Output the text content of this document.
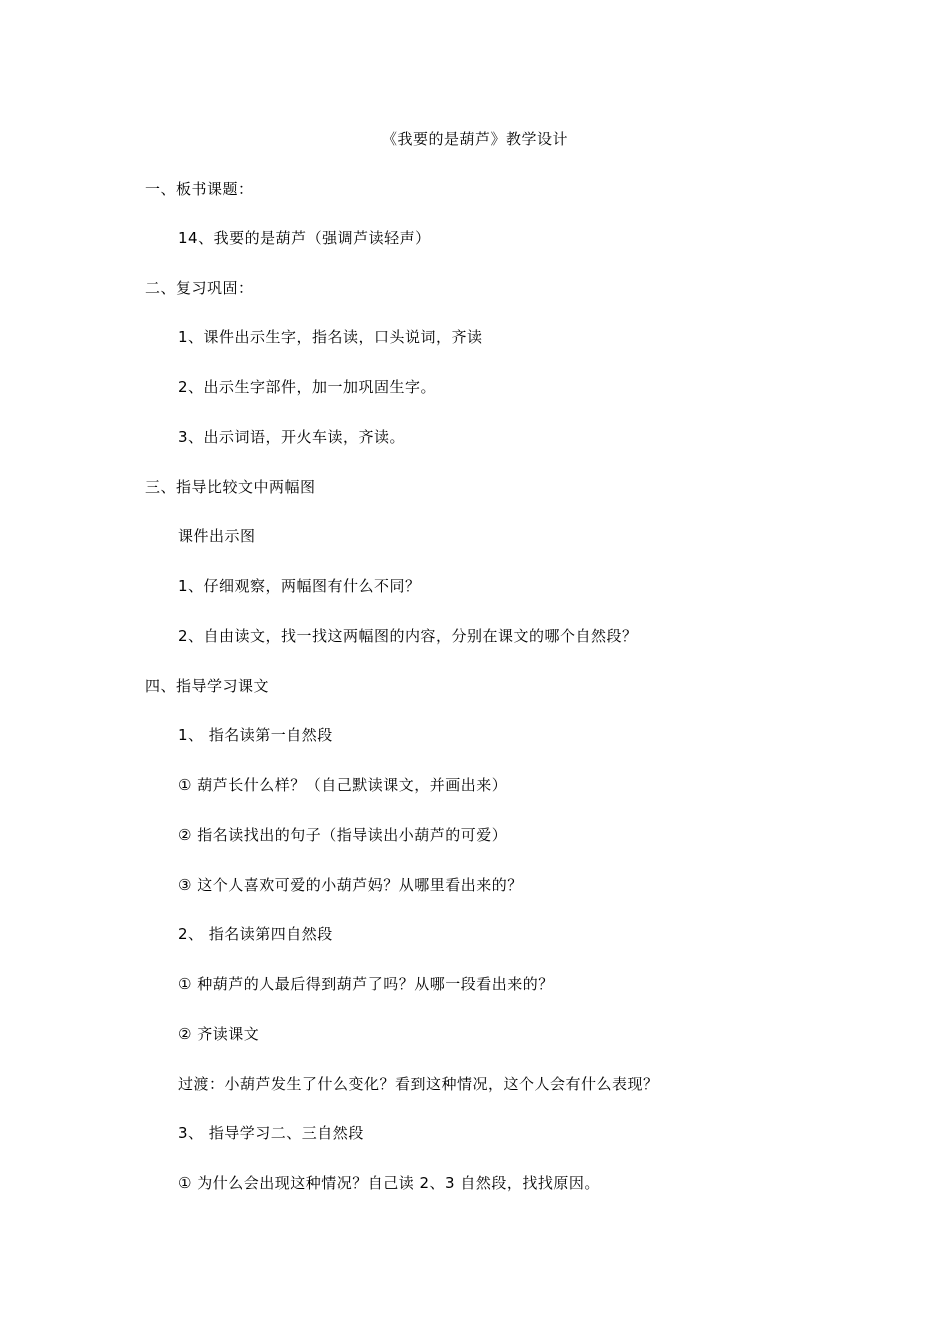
《我要的是葫芦》教学设计
一、板书课题：
14、我要的是葫芦（强调芦读轻声）
二、复习巩固：
1、课件出示生字，指名读，口头说词，齐读
2、出示生字部件，加一加巩固生字。
3、出示词语，开火车读，齐读。
三、指导比较文中两幅图
课件出示图
1、仔细观察，两幅图有什么不同？
2、自由读文，找一找这两幅图的内容，分别在课文的哪个自然段？
四、指导学习课文
1、 指名读第一自然段
① 葫芦长什么样？（自己默读课文，并画出来）
② 指名读找出的句子（指导读出小葫芦的可爱）
③ 这个人喜欢可爱的小葫芦妈？从哪里看出来的？
2、 指名读第四自然段
① 种葫芦的人最后得到葫芦了吗？从哪一段看出来的？
② 齐读课文
过渡：小葫芦发生了什么变化？看到这种情况，这个人会有什么表现？
3、 指导学习二、三自然段
① 为什么会出现这种情况？自己读 2、3 自然段，找找原因。
